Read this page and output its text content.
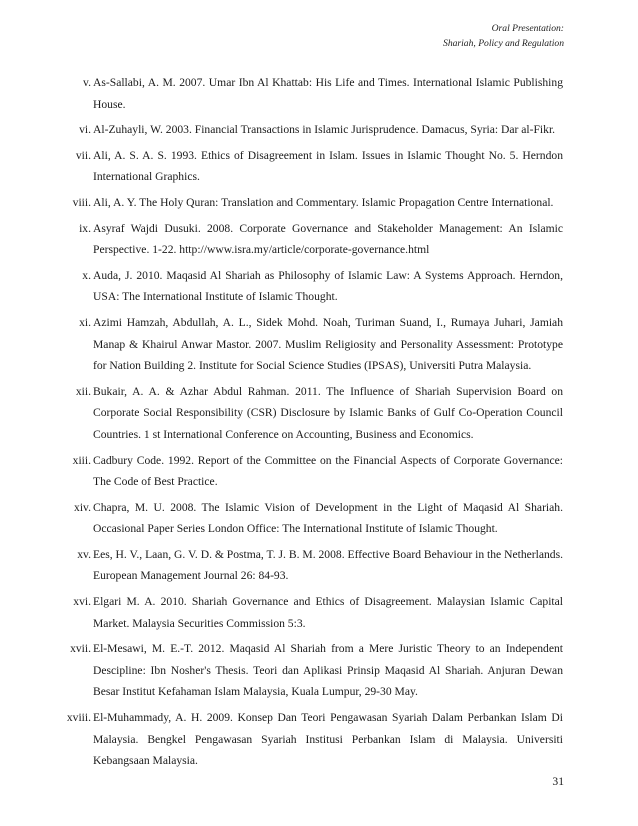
Oral Presentation:
Shariah, Policy and Regulation
v. As-Sallabi, A. M. 2007. Umar Ibn Al Khattab: His Life and Times. International Islamic Publishing House.
vi. Al-Zuhayli, W. 2003. Financial Transactions in Islamic Jurisprudence. Damacus, Syria: Dar al-Fikr.
vii. Ali, A. S. A. S. 1993. Ethics of Disagreement in Islam. Issues in Islamic Thought No. 5. Herndon International Graphics.
viii. Ali, A. Y. The Holy Quran: Translation and Commentary. Islamic Propagation Centre International.
ix. Asyraf Wajdi Dusuki. 2008. Corporate Governance and Stakeholder Management: An Islamic Perspective. 1-22. http://www.isra.my/article/corporate-governance.html
x. Auda, J. 2010. Maqasid Al Shariah as Philosophy of Islamic Law: A Systems Approach. Herndon, USA: The International Institute of Islamic Thought.
xi. Azimi Hamzah, Abdullah, A. L., Sidek Mohd. Noah, Turiman Suand, I., Rumaya Juhari, Jamiah Manap & Khairul Anwar Mastor. 2007. Muslim Religiosity and Personality Assessment: Prototype for Nation Building 2. Institute for Social Science Studies (IPSAS), Universiti Putra Malaysia.
xii. Bukair, A. A. & Azhar Abdul Rahman. 2011. The Influence of Shariah Supervision Board on Corporate Social Responsibility (CSR) Disclosure by Islamic Banks of Gulf Co-Operation Council Countries. 1 st International Conference on Accounting, Business and Economics.
xiii. Cadbury Code. 1992. Report of the Committee on the Financial Aspects of Corporate Governance: The Code of Best Practice.
xiv. Chapra, M. U. 2008. The Islamic Vision of Development in the Light of Maqasid Al Shariah. Occasional Paper Series London Office: The International Institute of Islamic Thought.
xv. Ees, H. V., Laan, G. V. D. & Postma, T. J. B. M. 2008. Effective Board Behaviour in the Netherlands. European Management Journal 26: 84-93.
xvi. Elgari M. A. 2010. Shariah Governance and Ethics of Disagreement. Malaysian Islamic Capital Market. Malaysia Securities Commission 5:3.
xvii. El-Mesawi, M. E.-T. 2012. Maqasid Al Shariah from a Mere Juristic Theory to an Independent Descipline: Ibn Nosher's Thesis. Teori dan Aplikasi Prinsip Maqasid Al Shariah. Anjuran Dewan Besar Institut Kefahaman Islam Malaysia, Kuala Lumpur, 29-30 May.
xviii. El-Muhammady, A. H. 2009. Konsep Dan Teori Pengawasan Syariah Dalam Perbankan Islam Di Malaysia. Bengkel Pengawasan Syariah Institusi Perbankan Islam di Malaysia. Universiti Kebangsaan Malaysia.
31
